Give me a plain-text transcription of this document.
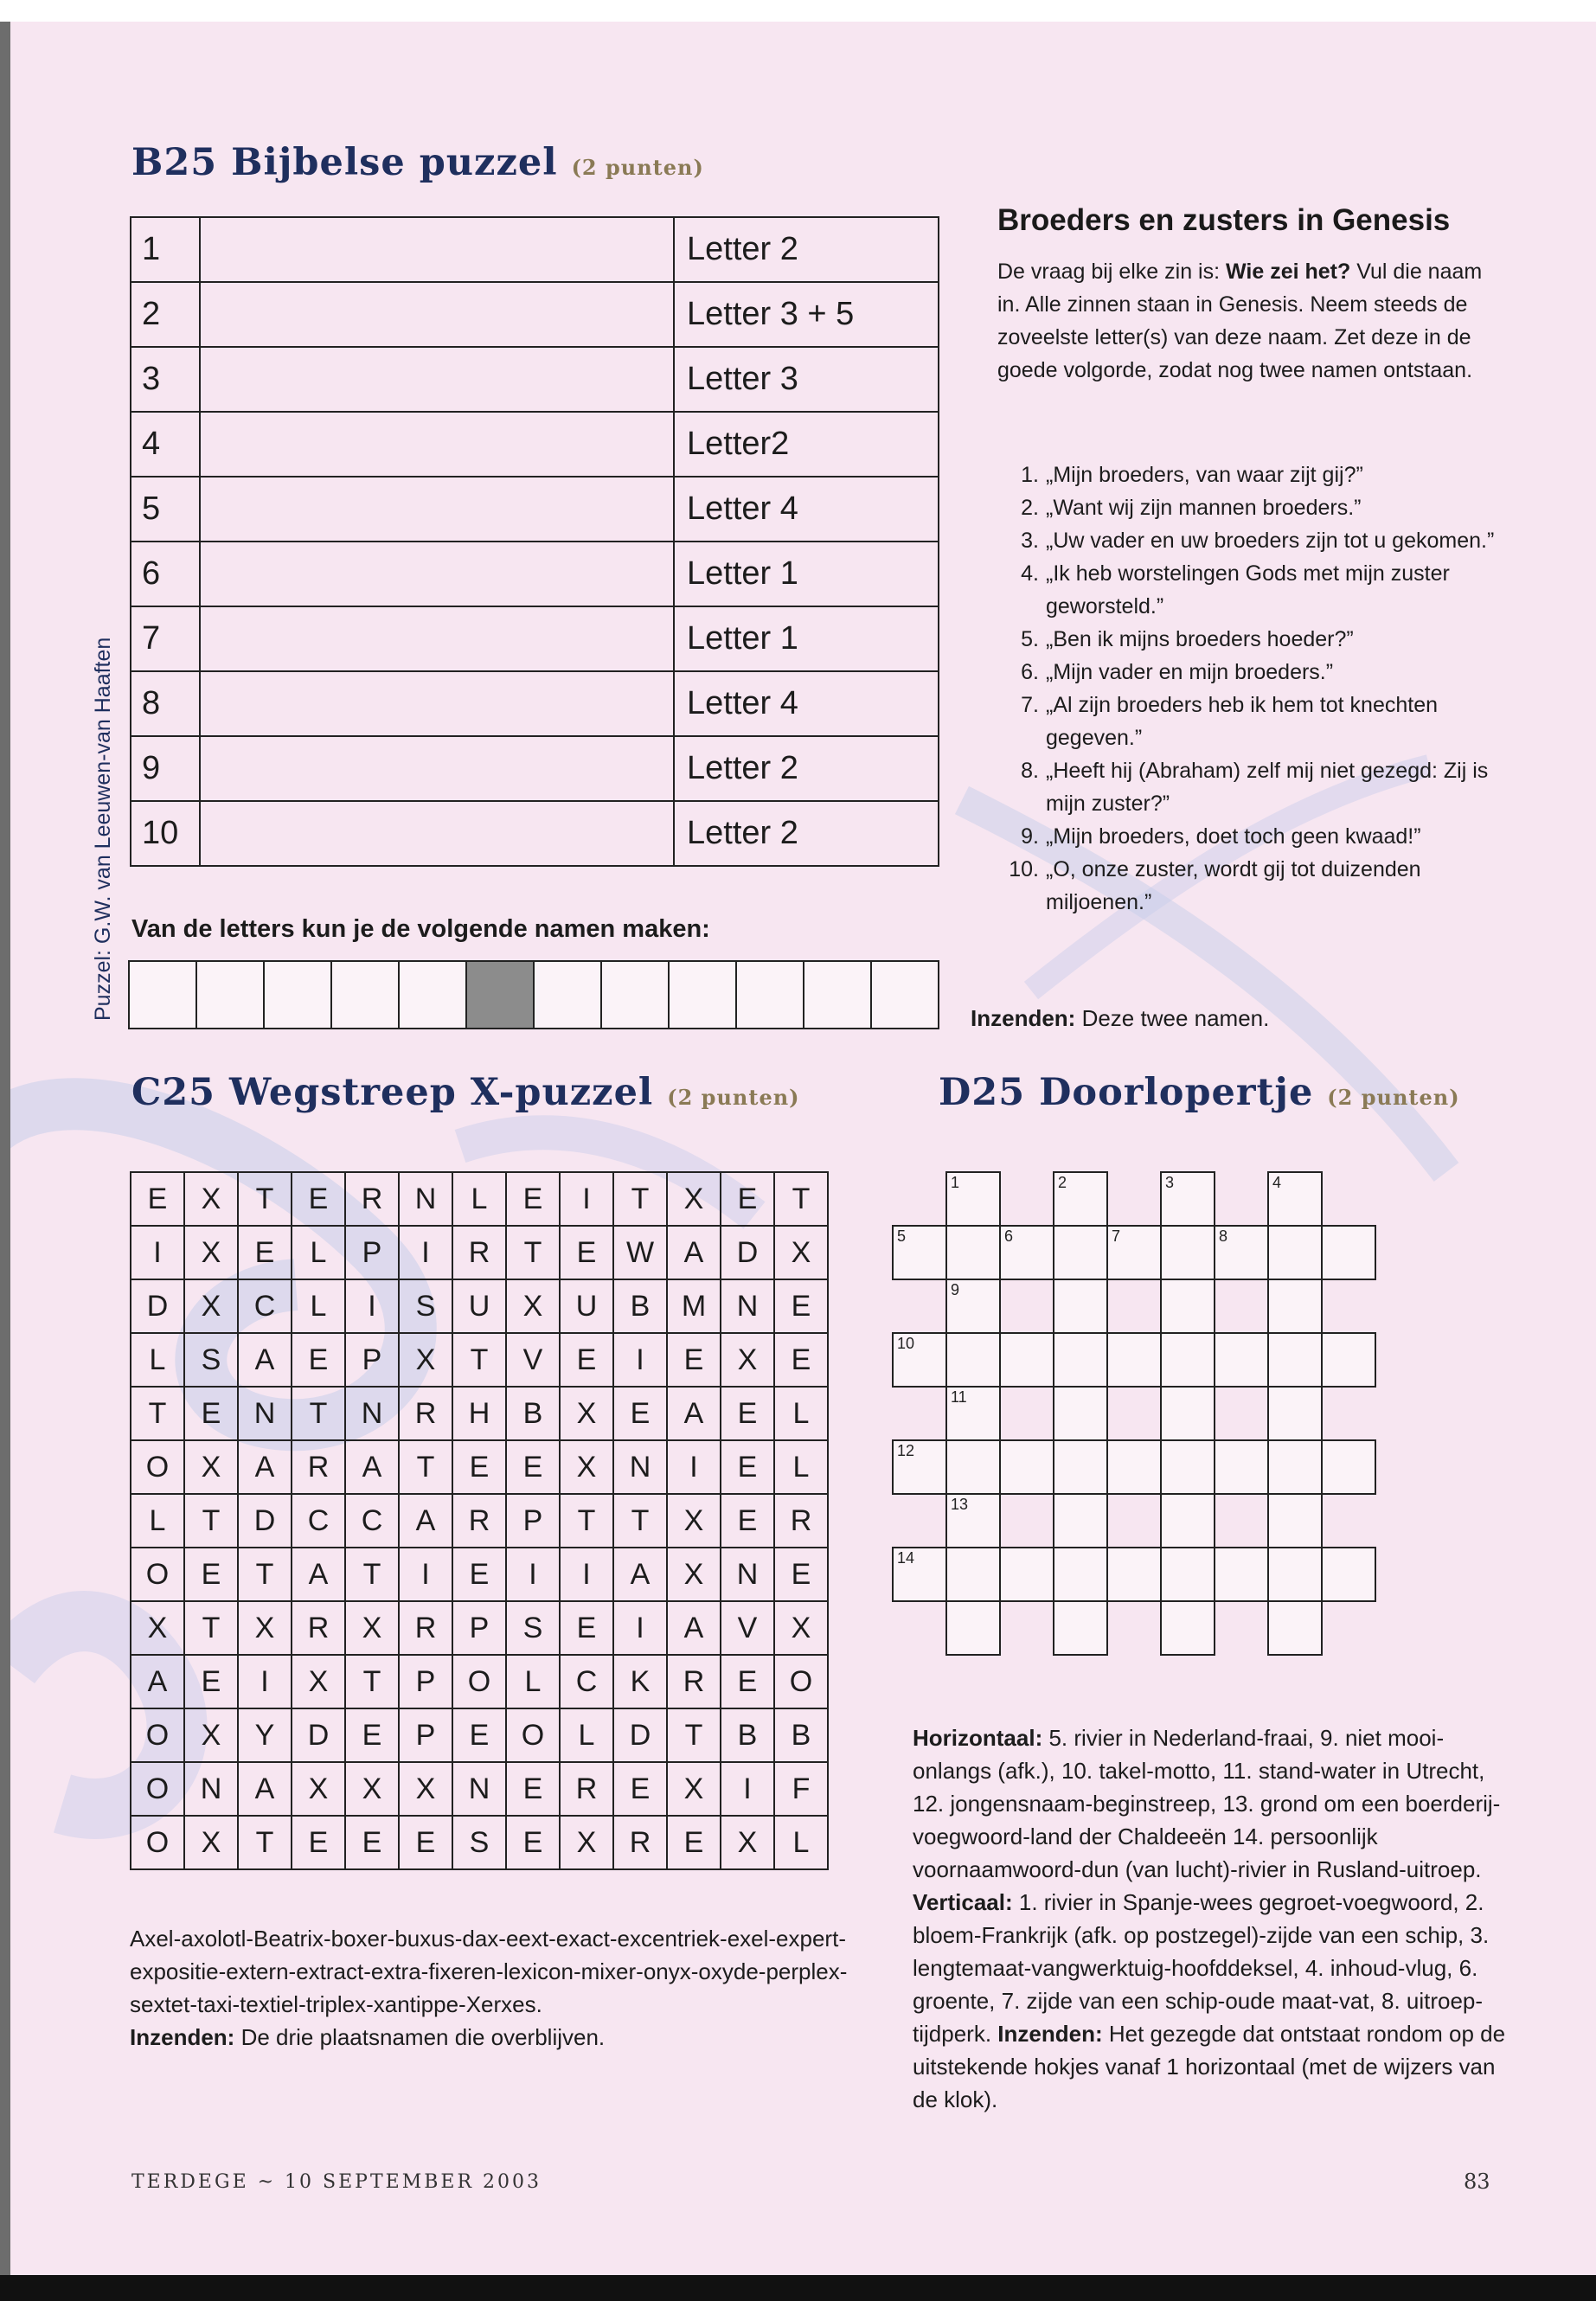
Puzzel: G.W. van Leeuwen-van Haaften
B25 Bijbelse puzzel (2 punten)
1		Letter 2
2		Letter 3 + 5
3		Letter 3
4		Letter2
5		Letter 4
6		Letter 1
7		Letter 1
8		Letter 4
9		Letter 2
10		Letter 2
Van de letters kun je de volgende namen maken:
Broeders en zusters in Genesis
De vraag bij elke zin is: Wie zei het? Vul die naam in. Alle zinnen staan in Genesis. Neem steeds de zoveelste letter(s) van deze naam. Zet deze in de goede volgorde, zodat nog twee namen ontstaan.
1. „Mijn broeders, van waar zijt gij?”
2. „Want wij zijn mannen broeders.”
3. „Uw vader en uw broeders zijn tot u gekomen.”
4. „Ik heb worstelingen Gods met mijn zuster geworsteld.”
5. „Ben ik mijns broeders hoeder?”
6. „Mijn vader en mijn broeders.”
7. „Al zijn broeders heb ik hem tot knechten gegeven.”
8. „Heeft hij (Abraham) zelf mij niet gezegd: Zij is mijn zuster?”
9. „Mijn broeders, doet toch geen kwaad!”
10. „O, onze zuster, wordt gij tot duizenden miljoenen.”
Inzenden: Deze twee namen.
C25 Wegstreep X-puzzel (2 punten)
E	X	T	E	R	N	L	E	I	T	X	E	T
I	X	E	L	P	I	R	T	E	W	A	D	X
D	X	C	L	I	S	U	X	U	B	M	N	E
L	S	A	E	P	X	T	V	E	I	E	X	E
T	E	N	T	N	R	H	B	X	E	A	E	L
O	X	A	R	A	T	E	E	X	N	I	E	L
L	T	D	C	C	A	R	P	T	T	X	E	R
O	E	T	A	T	I	E	I	I	A	X	N	E
X	T	X	R	X	R	P	S	E	I	A	V	X
A	E	I	X	T	P	O	L	C	K	R	E	O
O	X	Y	D	E	P	E	O	L	D	T	B	B
O	N	A	X	X	X	N	E	R	E	X	I	F
O	X	T	E	E	E	S	E	X	R	E	X	L
Axel-axolotl-Beatrix-boxer-buxus-dax-eext-exact-excentriek-exel-expert-expositie-extern-extract-extra-fixeren-lexicon-mixer-onyx-oxyde-perplex-sextet-taxi-textiel-triplex-xantippe-Xerxes.
Inzenden: De drie plaatsnamen die overblijven.
D25 Doorlopertje (2 punten)
1	2	3	4
5	6	7	8
9
10
11
12
13
14
Horizontaal: 5. rivier in Nederland-fraai, 9. niet mooi- onlangs (afk.), 10. takel-motto, 11. stand-water in Utrecht, 12. jongensnaam-beginstreep, 13. grond om een boerderij-voegwoord-land der Chaldeeën 14. persoonlijk voornaamwoord-dun (van lucht)-rivier in Rusland-uitroep.
Verticaal: 1. rivier in Spanje-wees gegroet-voegwoord, 2. bloem-Frankrijk (afk. op postzegel)-zijde van een schip, 3. lengtemaat-vangwerktuig-hoofddeksel, 4. inhoud-vlug, 6. groente, 7. zijde van een schip-oude maat-vat, 8. uitroep-tijdperk. Inzenden: Het gezegde dat ontstaat rondom op de uitstekende hokjes vanaf 1 horizontaal (met de wijzers van de klok).
TERDEGE ~ 10 SEPTEMBER 2003	83
